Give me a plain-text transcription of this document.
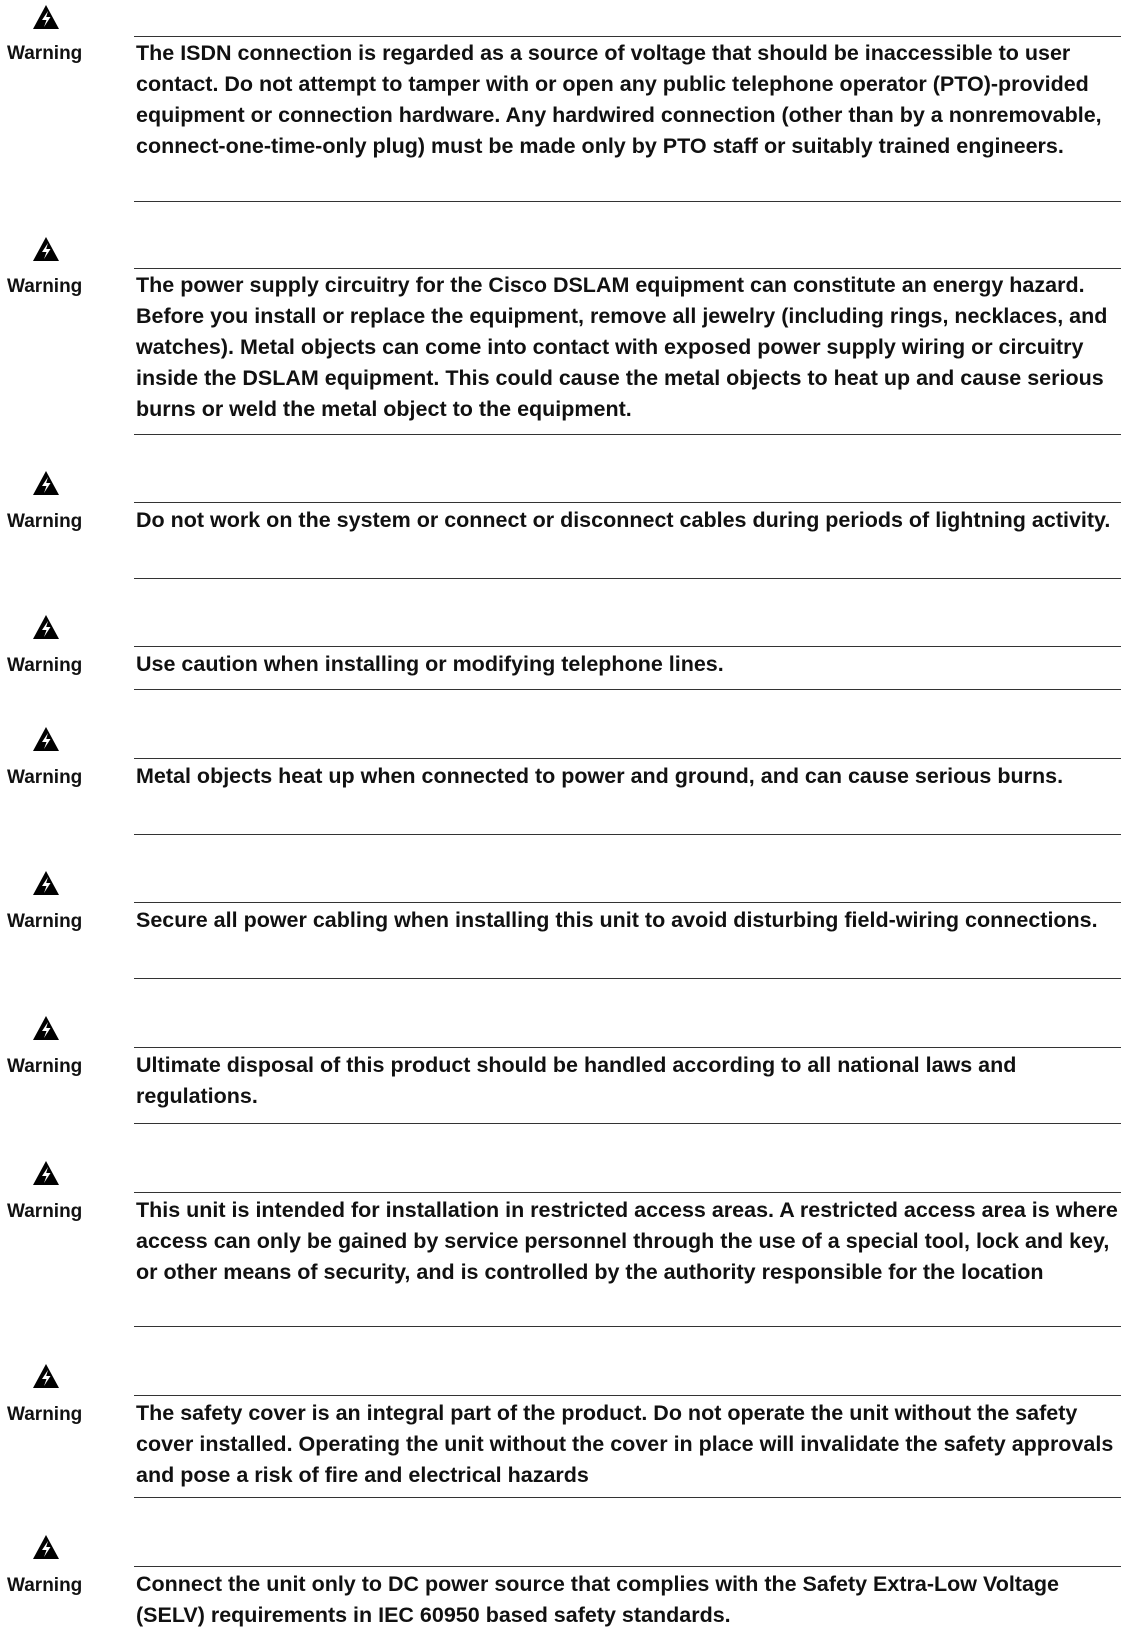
Warning The ISDN connection is regarded as a source of voltage that should be inaccessible to user contact. Do not attempt to tamper with or open any public telephone operator (PTO)-provided equipment or connection hardware. Any hardwired connection (other than by a nonremovable, connect-one-time-only plug) must be made only by PTO staff or suitably trained engineers.
Warning The power supply circuitry for the Cisco DSLAM equipment can constitute an energy hazard. Before you install or replace the equipment, remove all jewelry (including rings, necklaces, and watches). Metal objects can come into contact with exposed power supply wiring or circuitry inside the DSLAM equipment. This could cause the metal objects to heat up and cause serious burns or weld the metal object to the equipment.
Warning Do not work on the system or connect or disconnect cables during periods of lightning activity.
Warning Use caution when installing or modifying telephone lines.
Warning Metal objects heat up when connected to power and ground, and can cause serious burns.
Warning Secure all power cabling when installing this unit to avoid disturbing field-wiring connections.
Warning Ultimate disposal of this product should be handled according to all national laws and regulations.
Warning This unit is intended for installation in restricted access areas. A restricted access area is where access can only be gained by service personnel through the use of a special tool, lock and key, or other means of security, and is controlled by the authority responsible for the location
Warning The safety cover is an integral part of the product. Do not operate the unit without the safety cover installed. Operating the unit without the cover in place will invalidate the safety approvals and pose a risk of fire and electrical hazards
Warning Connect the unit only to DC power source that complies with the Safety Extra-Low Voltage (SELV) requirements in IEC 60950 based safety standards.
